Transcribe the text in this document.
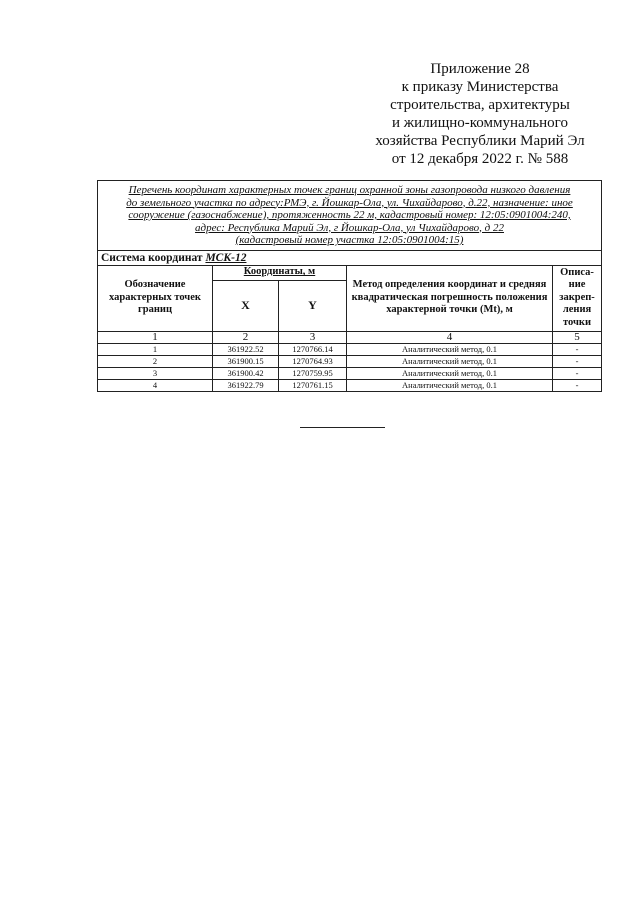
Приложение 28
к приказу Министерства
строительства, архитектуры
и жилищно-коммунального
хозяйства Республики Марий Эл
от 12 декабря 2022 г. № 588
Перечень координат характерных точек границ охранной зоны газопровода низкого давления
до земельного участка по адресу:РМЭ, г. Йошкар-Ола, ул. Чихайдарово, д.22, назначение: иное
сооружение (газоснабжение), протяженность 22 м, кадастровый номер: 12:05:0901004:240,
адрес: Республика Марий Эл, г Йошкар-Ола, ул Чихайдарово, д 22
(кадастровый номер участка 12:05:0901004:15)				

Система координат МСК-12				
Обозначение характерных точек границ	Координаты, м		Метод определения координат и средняя квадратическая погрешность положения характерной точки (Mt), м	Описа-ние закреп-ления точки
	X	Y		
1	2	3	4	5
1	361922.52	1270766.14	Аналитический метод, 0.1	-
2	361900.15	1270764.93	Аналитический метод, 0.1	-
3	361900.42	1270759.95	Аналитический метод, 0.1	-
4	361922.79	1270761.15	Аналитический метод, 0.1	-
